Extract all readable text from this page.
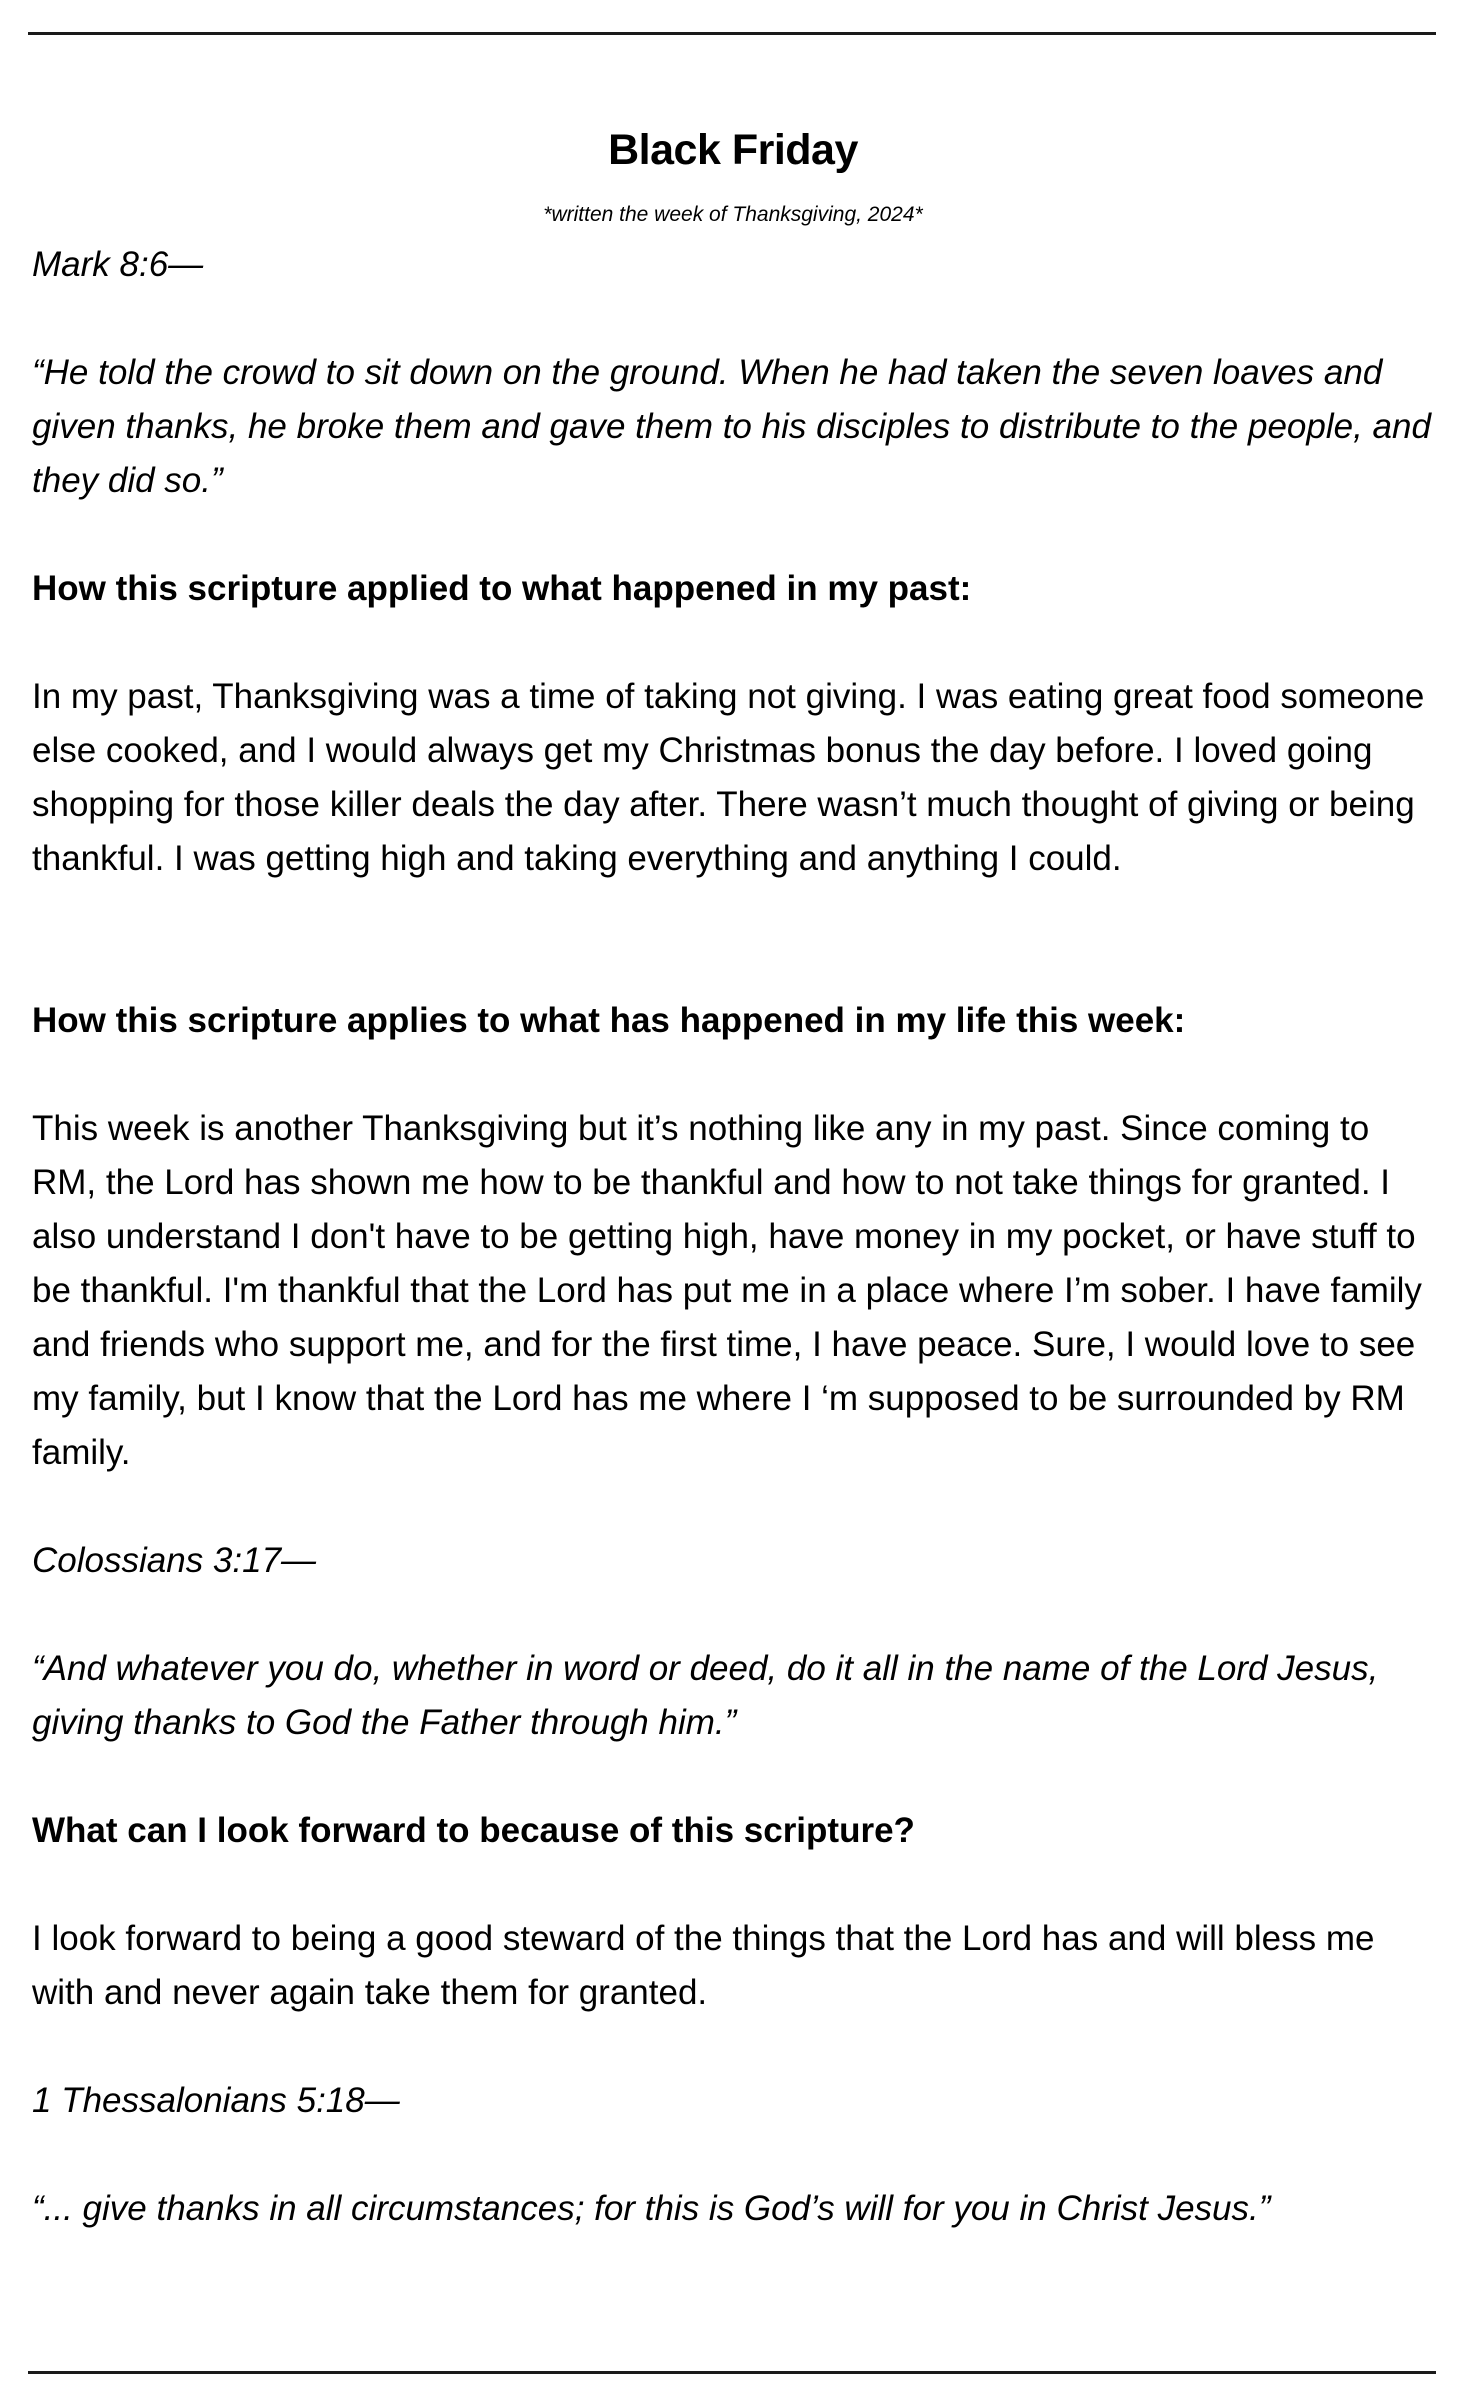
Black Friday
*written the week of Thanksgiving, 2024*
Mark 8:6—
“He told the crowd to sit down on the ground. When he had taken the seven loaves and given thanks, he broke them and gave them to his disciples to distribute to the people, and they did so.”
How this scripture applied to what happened in my past:
In my past, Thanksgiving was a time of taking not giving. I was eating great food someone else cooked, and I would always get my Christmas bonus the day before. I loved going shopping for those killer deals the day after. There wasn’t much thought of giving or being thankful. I was getting high and taking everything and anything I could.
How this scripture applies to what has happened in my life this week:
This week is another Thanksgiving but it’s nothing like any in my past. Since coming to RM, the Lord has shown me how to be thankful and how to not take things for granted. I also understand I don't have to be getting high, have money in my pocket, or have stuff to be thankful. I'm thankful that the Lord has put me in a place where I’m sober. I have family and friends who support me, and for the first time, I have peace. Sure, I would love to see my family, but I know that the Lord has me where I ‘m supposed to be surrounded by RM family.
Colossians 3:17—
“And whatever you do, whether in word or deed, do it all in the name of the Lord Jesus, giving thanks to God the Father through him.”
What can I look forward to because of this scripture?
I look forward to being a good steward of the things that the Lord has and will bless me with and never again take them for granted.
1 Thessalonians 5:18—
“... give thanks in all circumstances; for this is God’s will for you in Christ Jesus.”
